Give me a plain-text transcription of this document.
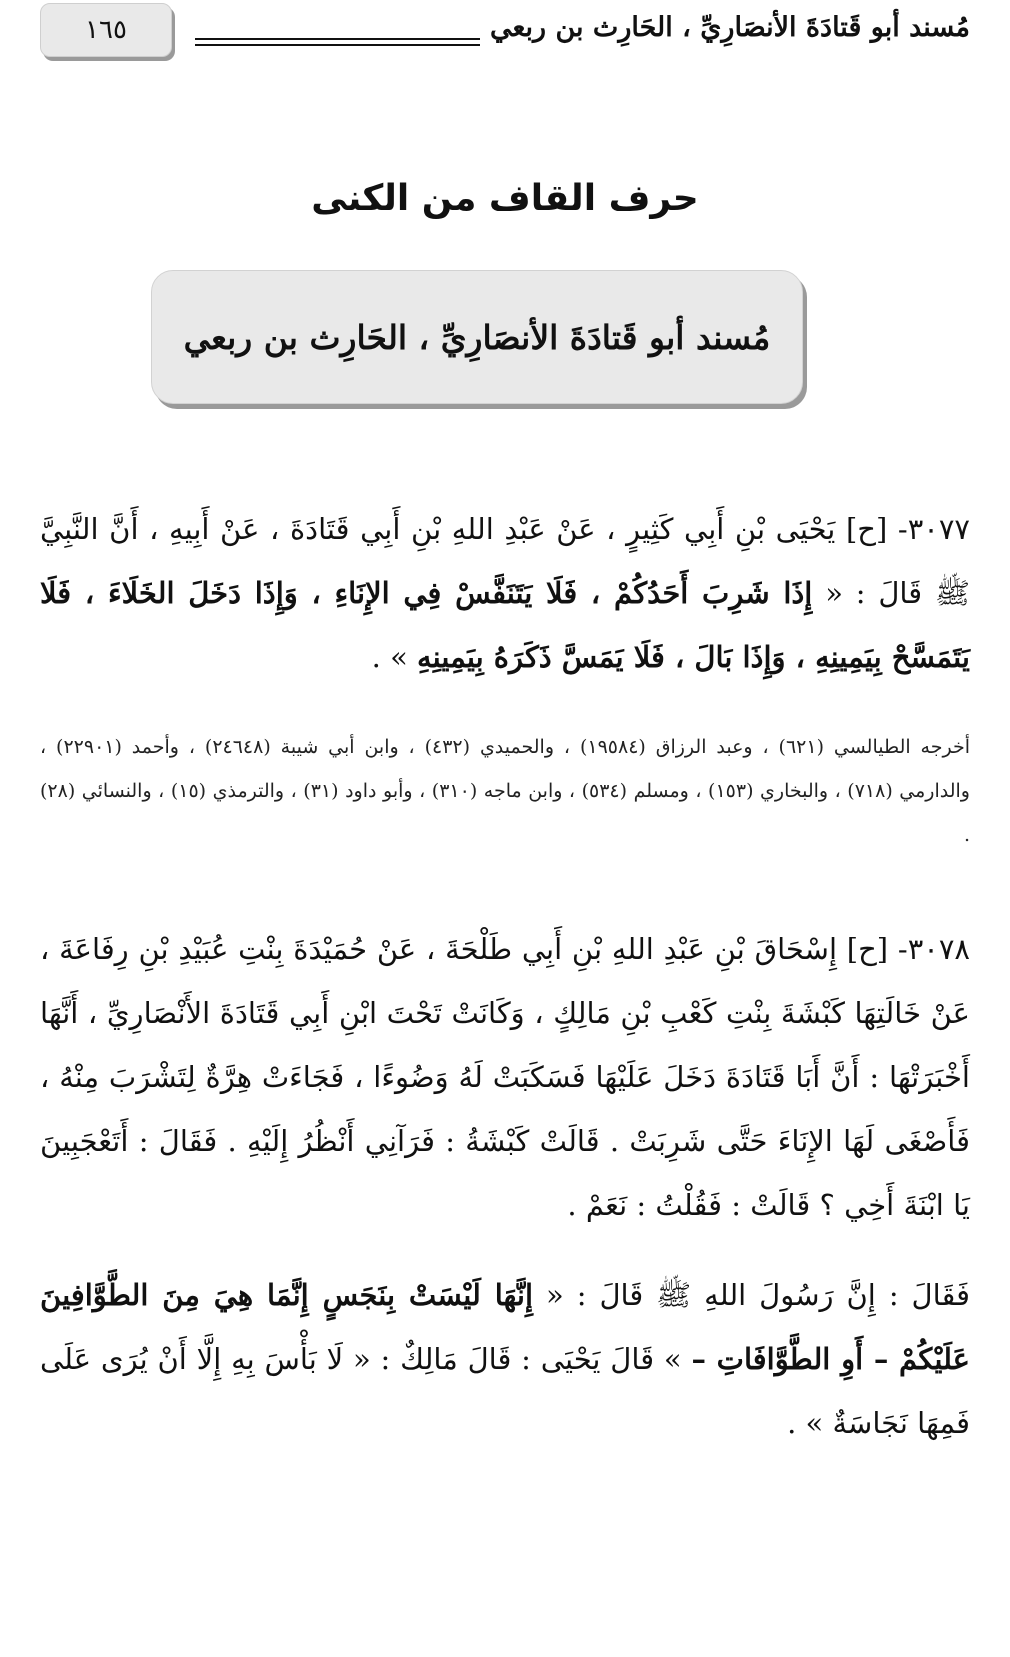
١٦٥	مُسند أبو قَتادَةَ الأنصَارِيِّ ، الحَارِث بن ربعي
حرف القاف من الكنى
مُسند أبو قَتادَةَ الأنصَارِيِّ ، الحَارِث بن ربعي

٣٠٧٧- [ح] يَحْيَى بْنِ أَبِي كَثِيرٍ ، عَنْ عَبْدِ اللهِ بْنِ أَبِي قَتَادَةَ ، عَنْ أَبِيهِ ، أَنَّ النَّبِيَّ ﷺ قَالَ : « إِذَا شَرِبَ أَحَدُكُمْ ، فَلَا يَتَنَفَّسْ فِي الإِنَاءِ ، وَإِذَا دَخَلَ الخَلَاءَ ، فَلَا يَتَمَسَّحْ بِيَمِينِهِ ، وَإِذَا بَالَ ، فَلَا يَمَسَّ ذَكَرَهُ بِيَمِينِهِ » .

أخرجه الطيالسي (٦٢١) ، وعبد الرزاق (١٩٥٨٤) ، والحميدي (٤٣٢) ، وابن أبي شيبة (٢٤٦٤٨) ، وأحمد (٢٢٩٠١) ، والدارمي (٧١٨) ، والبخاري (١٥٣) ، ومسلم (٥٣٤) ، وابن ماجه (٣١٠) ، وأبو داود (٣١) ، والترمذي (١٥) ، والنسائي (٢٨) .

٣٠٧٨- [ح] إِسْحَاقَ بْنِ عَبْدِ اللهِ بْنِ أَبِي طَلْحَةَ ، عَنْ حُمَيْدَةَ بِنْتِ عُبَيْدِ بْنِ رِفَاعَةَ ، عَنْ خَالَتِهَا كَبْشَةَ بِنْتِ كَعْبِ بْنِ مَالِكٍ ، وَكَانَتْ تَحْتَ ابْنِ أَبِي قَتَادَةَ الأَنْصَارِيِّ ، أَنَّهَا أَخْبَرَتْهَا : أَنَّ أَبَا قَتَادَةَ دَخَلَ عَلَيْهَا فَسَكَبَتْ لَهُ وَضُوءًا ، فَجَاءَتْ هِرَّةٌ لِتَشْرَبَ مِنْهُ ، فَأَصْغَى لَهَا الإِنَاءَ حَتَّى شَرِبَتْ . قَالَتْ كَبْشَةُ : فَرَآنِي أَنْظُرُ إِلَيْهِ . فَقَالَ : أَتَعْجَبِينَ يَا ابْنَةَ أَخِي ؟ قَالَتْ : فَقُلْتُ : نَعَمْ .

فَقَالَ : إِنَّ رَسُولَ اللهِ ﷺ قَالَ : « إِنَّهَا لَيْسَتْ بِنَجَسٍ إِنَّمَا هِيَ مِنَ الطَّوَّافِينَ عَلَيْكُمْ – أَوِ الطَّوَّافَاتِ – » قَالَ يَحْيَى : قَالَ مَالِكٌ : « لَا بَأْسَ بِهِ إِلَّا أَنْ يُرَى عَلَى فَمِهَا نَجَاسَةٌ » .
